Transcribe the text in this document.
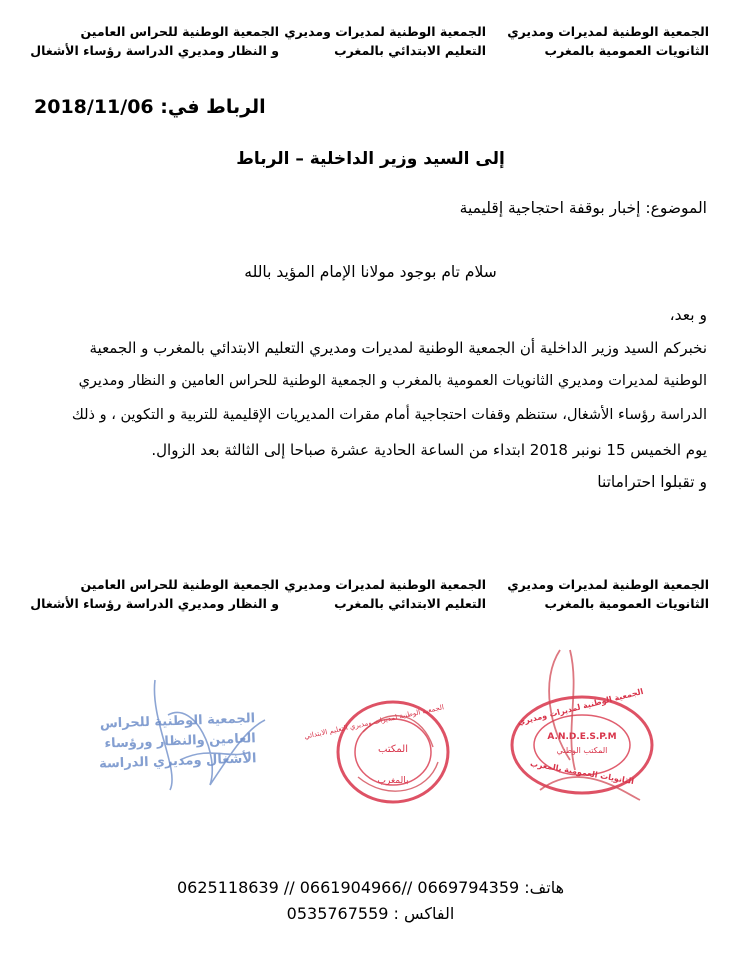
الجمعية الوطنية لمديرات ومديري
الثانويات العمومية بالمغرب
الجمعية الوطنية لمديرات ومديري
التعليم الابتدائي بالمغرب
الجمعية الوطنية للحراس العامين
و النظار ومديري الدراسة رؤساء الأشغال
الرباط في: 2018/11/06
إلى السيد وزير الداخلية – الرباط
الموضوع: إخبار بوقفة احتجاجية إقليمية
سلام تام بوجود مولانا الإمام المؤيد بالله
و بعد،
نخبركم السيد وزير الداخلية أن الجمعية الوطنية لمديرات ومديري التعليم الابتدائي بالمغرب و الجمعية
الوطنية لمديرات ومديري الثانويات العمومية بالمغرب و الجمعية الوطنية للحراس العامين و النظار ومديري
الدراسة رؤساء الأشغال، ستنظم وقفات احتجاجية أمام مقرات المديريات الإقليمية للتربية و التكوين ، و ذلك
يوم الخميس 15 نونبر 2018 ابتداء من الساعة الحادية عشرة صباحا إلى الثالثة بعد الزوال.
و تقبلوا احتراماتنا
الجمعية الوطنية لمديرات ومديري
الثانويات العمومية بالمغرب
الجمعية الوطنية لمديرات ومديري
التعليم الابتدائي بالمغرب
الجمعية الوطنية للحراس العامين
و النظار ومديري الدراسة رؤساء الأشغال
الجمعية الوطنية للحراس
العامين والنظار ورؤساء
الأشغال ومديري الدراسة
الجمعية الوطنية لمديرات ومديري التعليم الابتدائي
المكتب
بالمغرب
الجمعية الوطنية لمديرات ومديري
A.N.D.E.S.P.M
المكتب الوطني
الثانويات العمومية بالمغرب
هاتف: 0669794359 //0661904966 // 0625118639
الفاكس : 0535767559
